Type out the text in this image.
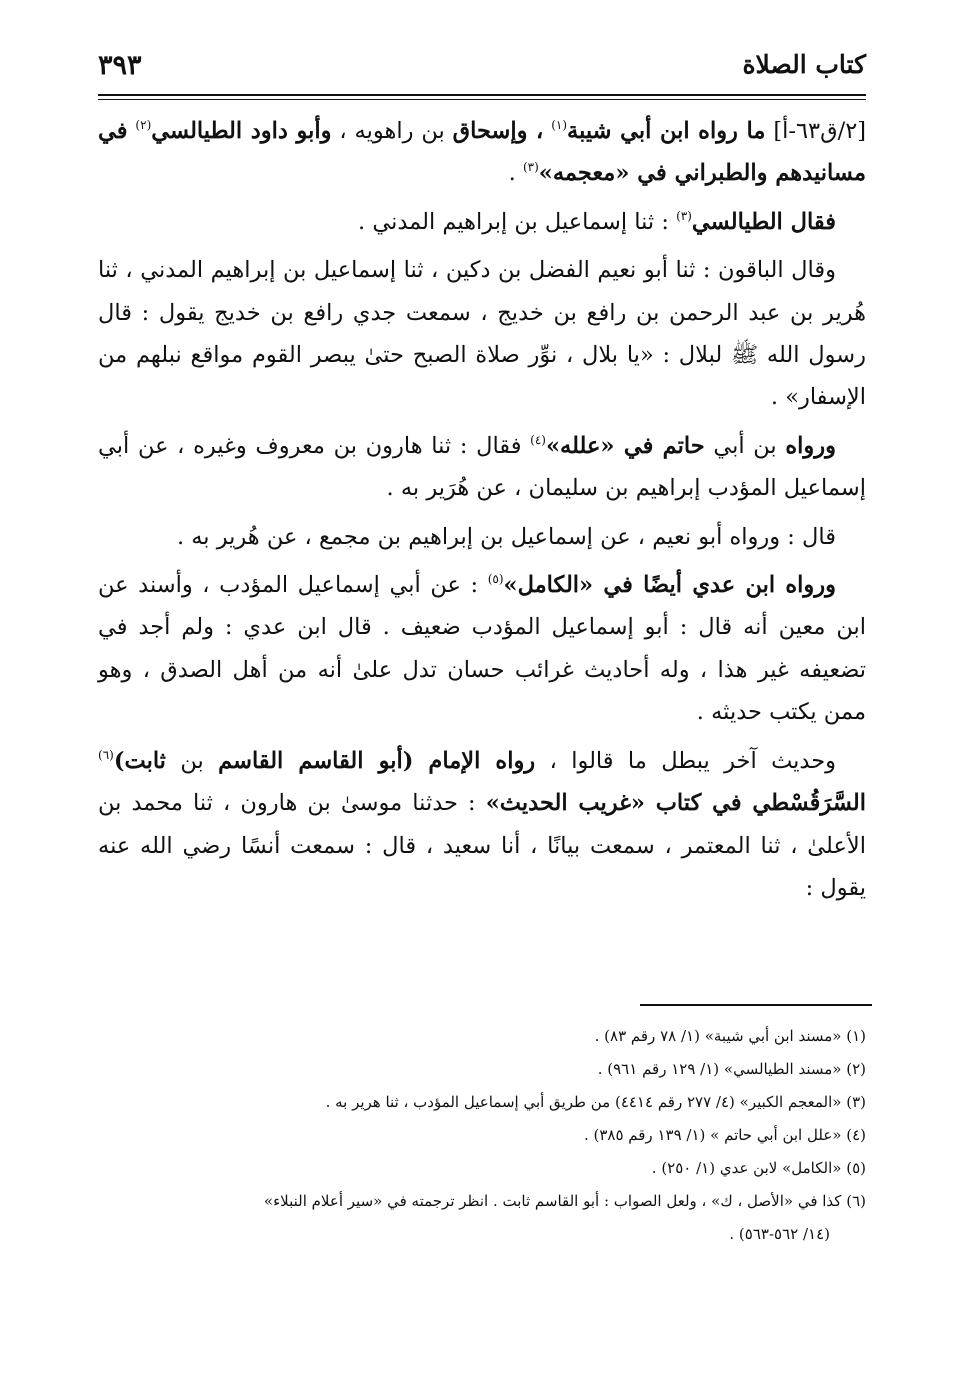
كتاب الصلاة
٣٩٣

[٢/ق٦٣-أ] ما رواه ابن أبي شيبة$^{(١)}$ ، وإسحاق بن راهويه ، وأبو داود الطيالسي$^{(٢)}$ في مسانيدهم والطبراني في «معجمه»$^{(٣)}$ .

فقال الطيالسي$^{(٣)}$ : ثنا إسماعيل بن إبراهيم المدني .

وقال الباقون : ثنا أبو نعيم الفضل بن دكين ، ثنا إسماعيل بن إبراهيم المدني ، ثنا هُرير بن عبد الرحمن بن رافع بن خديج ، سمعت جدي رافع بن خديج يقول : قال رسول الله ﷺ لبلال : «يا بلال ، نوِّر صلاة الصبح حتىٰ يبصر القوم مواقع نبلهم من الإسفار» .

ورواه بن أبي حاتم في «علله»$^{(٤)}$ فقال : ثنا هارون بن معروف وغيره ، عن أبي إسماعيل المؤدب إبراهيم بن سليمان ، عن هُرَير به .

قال : ورواه أبو نعيم ، عن إسماعيل بن إبراهيم بن مجمع ، عن هُرير به .

ورواه ابن عدي أيضًا في «الكامل»$^{(٥)}$ : عن أبي إسماعيل المؤدب ، وأسند عن ابن معين أنه قال : أبو إسماعيل المؤدب ضعيف . قال ابن عدي : ولم أجد في تضعيفه غير هذا ، وله أحاديث غرائب حسان تدل علىٰ أنه من أهل الصدق ، وهو ممن يكتب حديثه .

وحديث آخر يبطل ما قالوا ، رواه الإمام (أبو القاسم القاسم بن ثابت)$^{(٦)}$ السَّرَقُسْطي في كتاب «غريب الحديث» : حدثنا موسىٰ بن هارون ، ثنا محمد بن الأعلىٰ ، ثنا المعتمر ، سمعت بيانًا ، أنا سعيد ، قال : سمعت أنسًا رضي الله عنه يقول :

(١) «مسند ابن أبي شيبة» (١/ ٧٨ رقم ٨٣) .
(٢) «مسند الطيالسي» (١/ ١٢٩ رقم ٩٦١) .
(٣) «المعجم الكبير» (٤/ ٢٧٧ رقم ٤٤١٤) من طريق أبي إسماعيل المؤدب ، ثنا هرير به .
(٤) «علل ابن أبي حاتم » (١/ ١٣٩ رقم ٣٨٥) .
(٥) «الكامل» لابن عدي (١/ ٢٥٠) .
(٦) كذا في «الأصل ، ك» ، ولعل الصواب : أبو القاسم ثابت . انظر ترجمته في «سير أعلام النبلاء»
(١٤/ ٥٦٢-٥٦٣) .
